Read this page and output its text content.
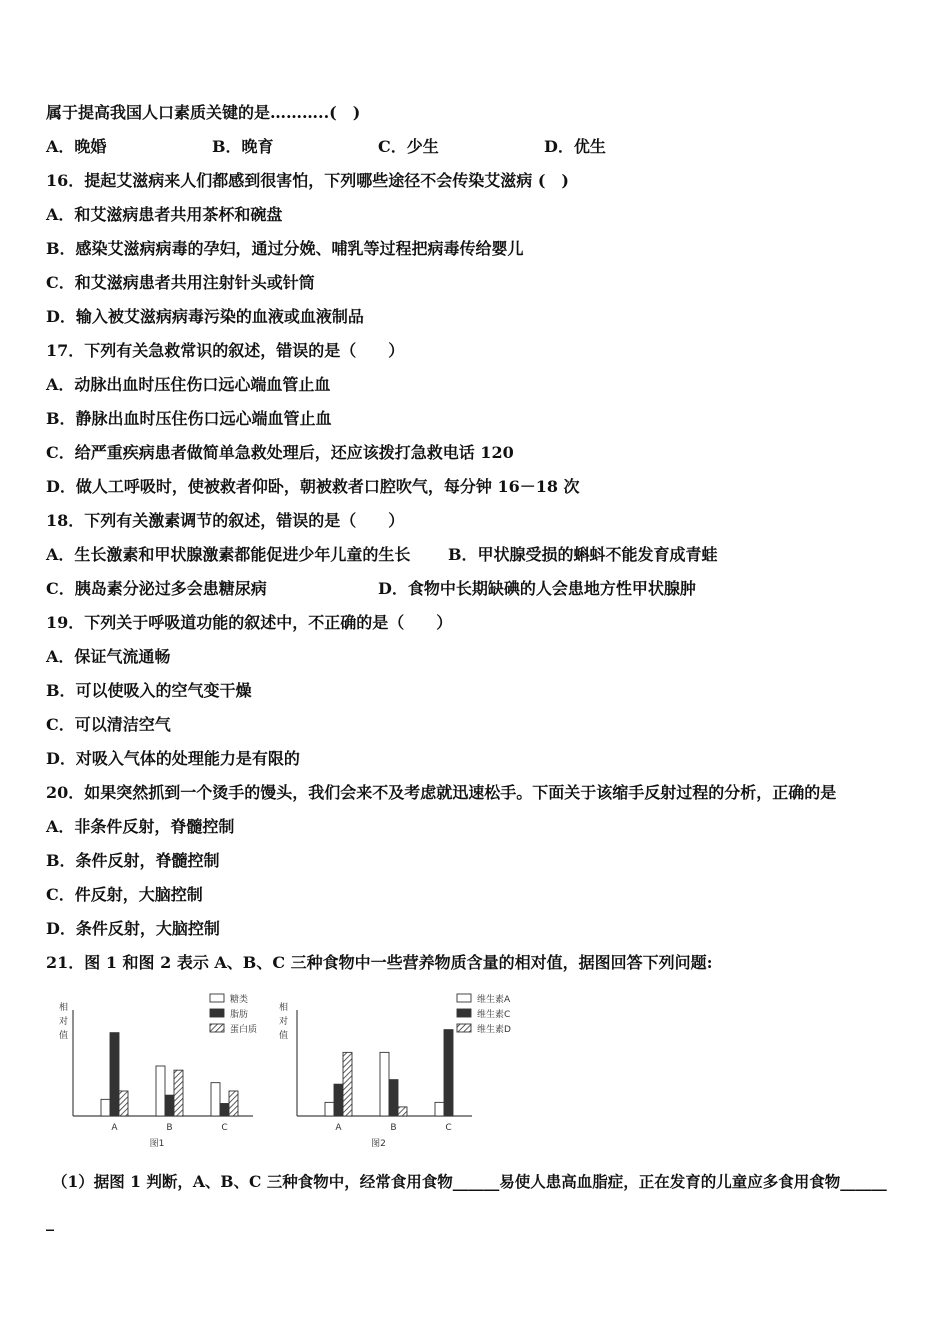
属于提高我国人口素质关键的是………..(　)
A．晚婚	B．晚育	C．少生	D．优生
16．提起艾滋病来人们都感到很害怕，下列哪些途径不会传染艾滋病 (　)
A．和艾滋病患者共用茶杯和碗盘
B．感染艾滋病病毒的孕妇，通过分娩、哺乳等过程把病毒传给婴儿
C．和艾滋病患者共用注射针头或针筒
D．输入被艾滋病病毒污染的血液或血液制品
17．下列有关急救常识的叙述，错误的是（　　）
A．动脉出血时压住伤口远心端血管止血
B．静脉出血时压住伤口远心端血管止血
C．给严重疾病患者做简单急救处理后，还应该拨打急救电话 120
D．做人工呼吸时，使被救者仰卧，朝被救者口腔吹气，每分钟 16－18 次
18．下列有关激素调节的叙述，错误的是（　　）
A．生长激素和甲状腺激素都能促进少年儿童的生长 B．甲状腺受损的蝌蚪不能发育成青蛙
C．胰岛素分泌过多会患糖尿病	D．食物中长期缺碘的人会患地方性甲状腺肿
19．下列关于呼吸道功能的叙述中，不正确的是（　　）
A．保证气流通畅
B．可以使吸入的空气变干燥
C．可以清洁空气
D．对吸入气体的处理能力是有限的
20．如果突然抓到一个烫手的馒头，我们会来不及考虑就迅速松手。下面关于该缩手反射过程的分析，正确的是
A．非条件反射，脊髓控制
B．条件反射，脊髓控制
C．件反射，大脑控制
D．条件反射，大脑控制
21．图 1 和图 2 表示 A、B、C 三种食物中一些营养物质含量的相对值，据图回答下列问题:
相
对
值
A	B	C
图1
糖类
脂肪
蛋白质
相
对
值
A	B	C
图2
维生素A
维生素C
维生素D
（1）据图 1 判断，A、B、C 三种食物中，经常食用食物______易使人患高血脂症，正在发育的儿童应多食用食物______
_
